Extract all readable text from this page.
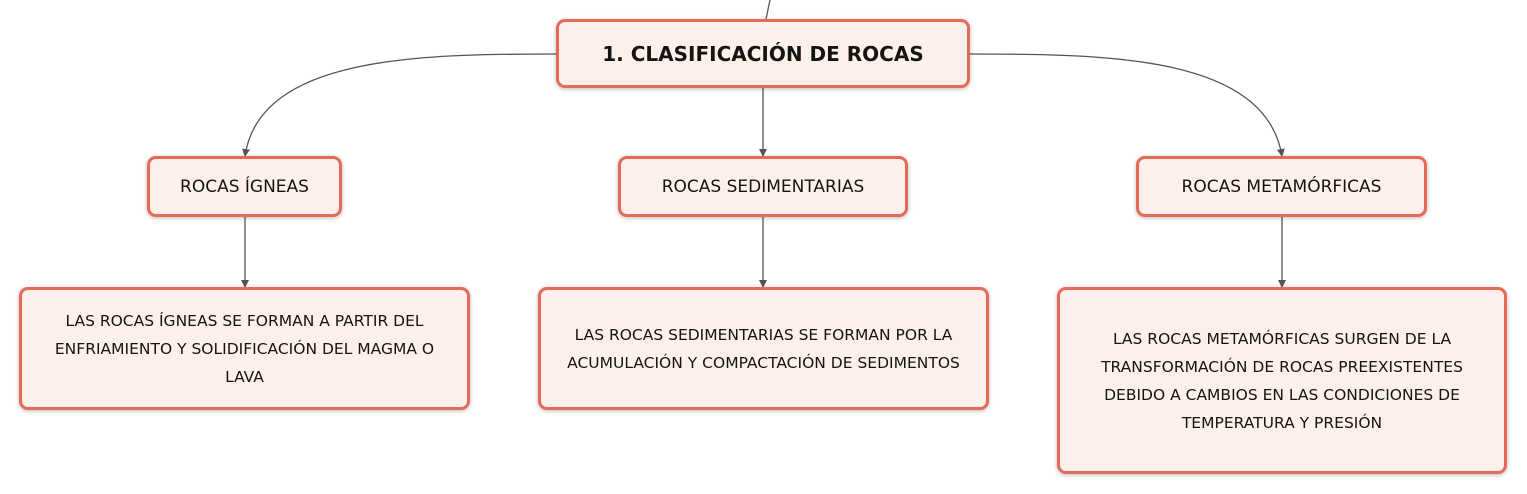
1. CLASIFICACIÓN DE ROCAS
ROCAS ÍGNEAS	ROCAS SEDIMENTARIAS	ROCAS METAMÓRFICAS
LAS ROCAS ÍGNEAS SE FORMAN A PARTIR DEL ENFRIAMIENTO Y SOLIDIFICACIÓN DEL MAGMA O LAVA
LAS ROCAS SEDIMENTARIAS SE FORMAN POR LA ACUMULACIÓN Y COMPACTACIÓN DE SEDIMENTOS
LAS ROCAS METAMÓRFICAS SURGEN DE LA TRANSFORMACIÓN DE ROCAS PREEXISTENTES DEBIDO A CAMBIOS EN LAS CONDICIONES DE TEMPERATURA Y PRESIÓN
